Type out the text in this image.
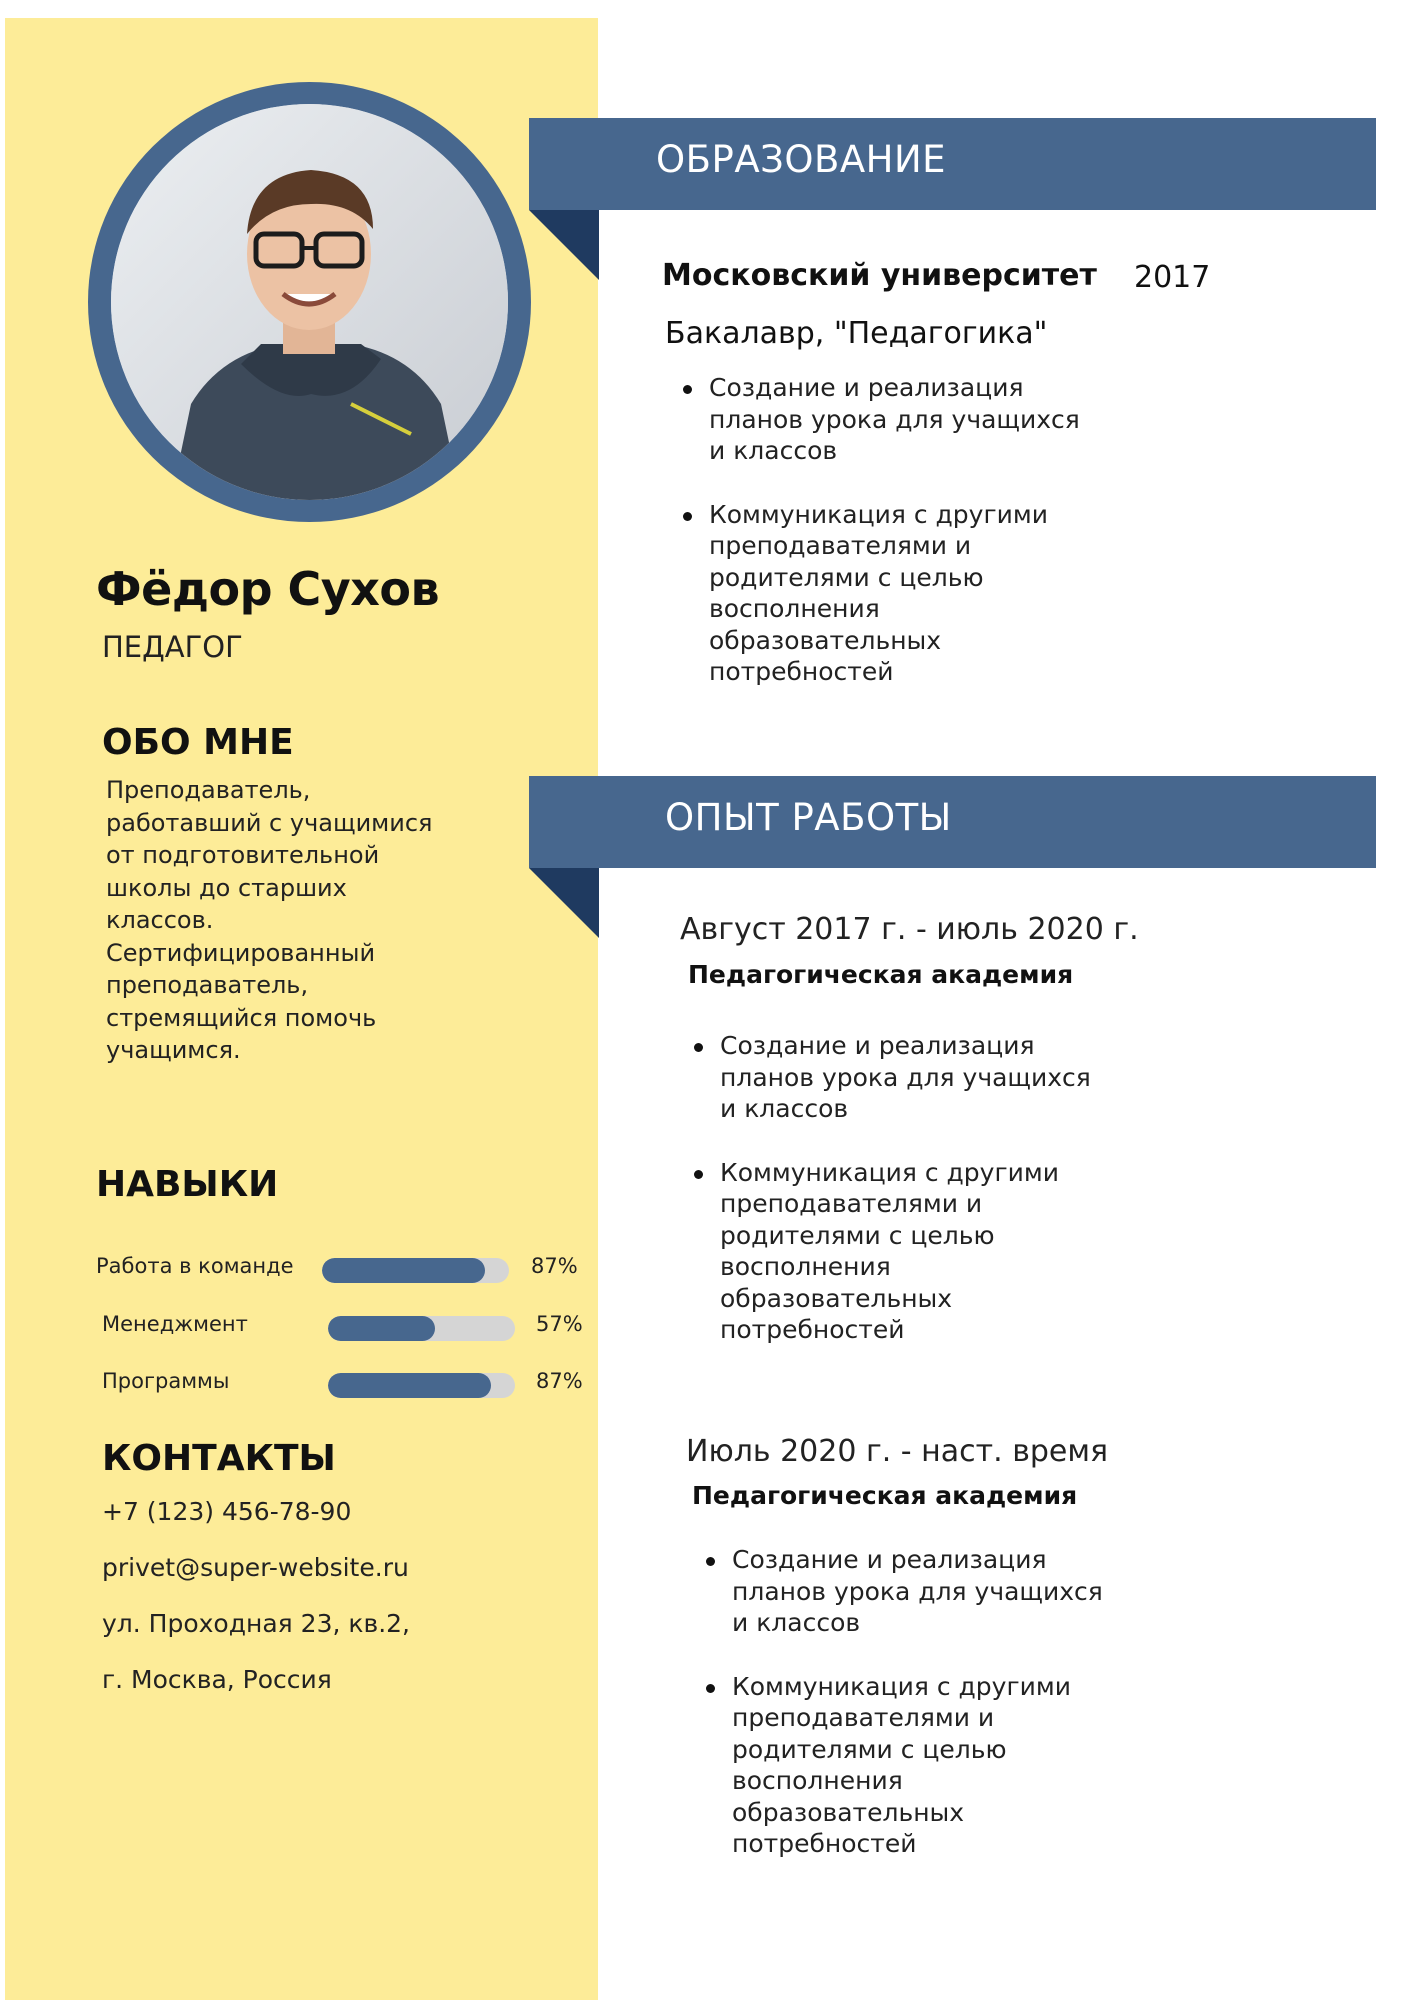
Фёдор Сухов
ПЕДАГОГ
ОБО МНЕ
Преподаватель,
работавший с учащимися
от подготовительной
школы до старших
классов.
Сертифицированный
преподаватель,
стремящийся помочь
учащимся.
НАВЫКИ
Работа в команде	87%
Менеджмент	57%
Программы	87%
КОНТАКТЫ
+7 (123) 456-78-90
privet@super-website.ru
ул. Проходная 23, кв.2,
г. Москва, Россия
ОБРАЗОВАНИЕ
Московский университет 2017
Бакалавр, "Педагогика"
Создание и реализация
планов урока для учащихся
и классов
Коммуникация с другими
преподавателями и
родителями с целью
восполнения
образовательных
потребностей
ОПЫТ РАБОТЫ
Август 2017 г. - июль 2020 г.
Педагогическая академия
Создание и реализация
планов урока для учащихся
и классов
Коммуникация с другими
преподавателями и
родителями с целью
восполнения
образовательных
потребностей
Июль 2020 г. - наст. время
Педагогическая академия
Создание и реализация
планов урока для учащихся
и классов
Коммуникация с другими
преподавателями и
родителями с целью
восполнения
образовательных
потребностей
